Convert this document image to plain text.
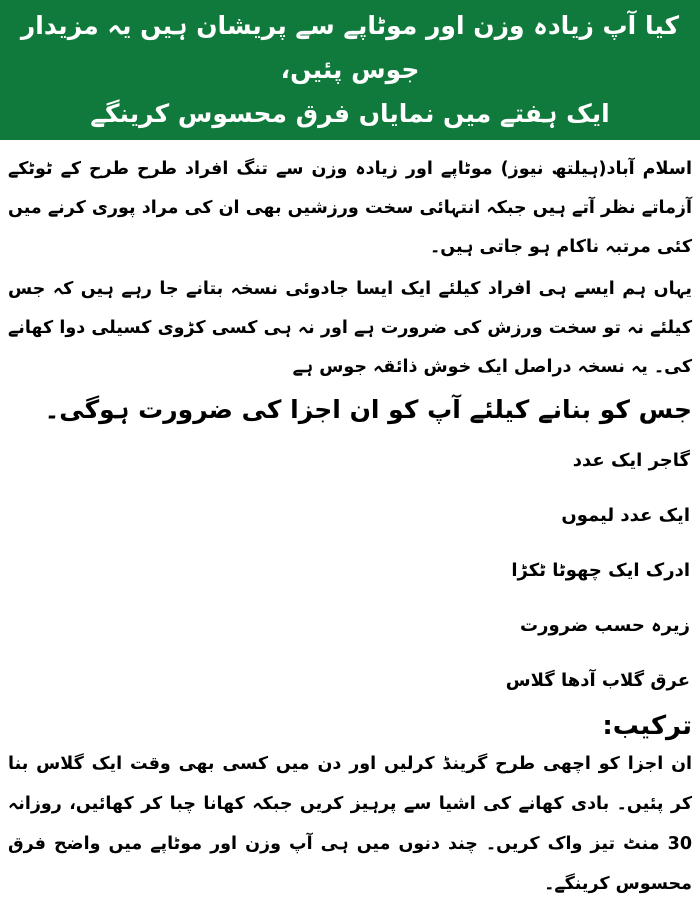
کیا آپ زیادہ وزن اور موٹاپے سے پریشان ہیں یہ مزیدار جوس پئیں،
ایک ہفتے میں نمایاں فرق محسوس کرینگے

اسلام آباد(ہیلتھ نیوز) موٹاپے اور زیادہ وزن سے تنگ افراد طرح طرح کے ٹوٹکے آزماتے نظر آتے ہیں جبکہ انتہائی سخت ورزشیں بھی ان کی مراد پوری کرنے میں کئی مرتبہ ناکام ہو جاتی ہیں۔

یہاں ہم ایسے ہی افراد کیلئے ایک ایسا جادوئی نسخہ بتانے جا رہے ہیں کہ جس کیلئے نہ تو سخت ورزش کی ضرورت ہے اور نہ ہی کسی کڑوی کسیلی دوا کھانے کی۔ یہ نسخہ دراصل ایک خوش ذائقہ جوس ہے

جس کو بنانے کیلئے آپ کو ان اجزا کی ضرورت ہوگی۔
گاجر ایک عدد
ایک عدد لیموں
ادرک ایک چھوٹا ٹکڑا
زیرہ حسب ضرورت
عرق گلاب آدھا گلاس
ترکیب:

ان اجزا کو اچھی طرح گرینڈ کرلیں اور دن میں کسی بھی وقت ایک گلاس بنا کر پئیں۔ بادی کھانے کی اشیا سے پرہیز کریں جبکہ کھانا چبا کر کھائیں، روزانہ 30 منٹ تیز واک کریں۔ چند دنوں میں ہی آپ وزن اور موٹاپے میں واضح فرق محسوس کرینگے۔
